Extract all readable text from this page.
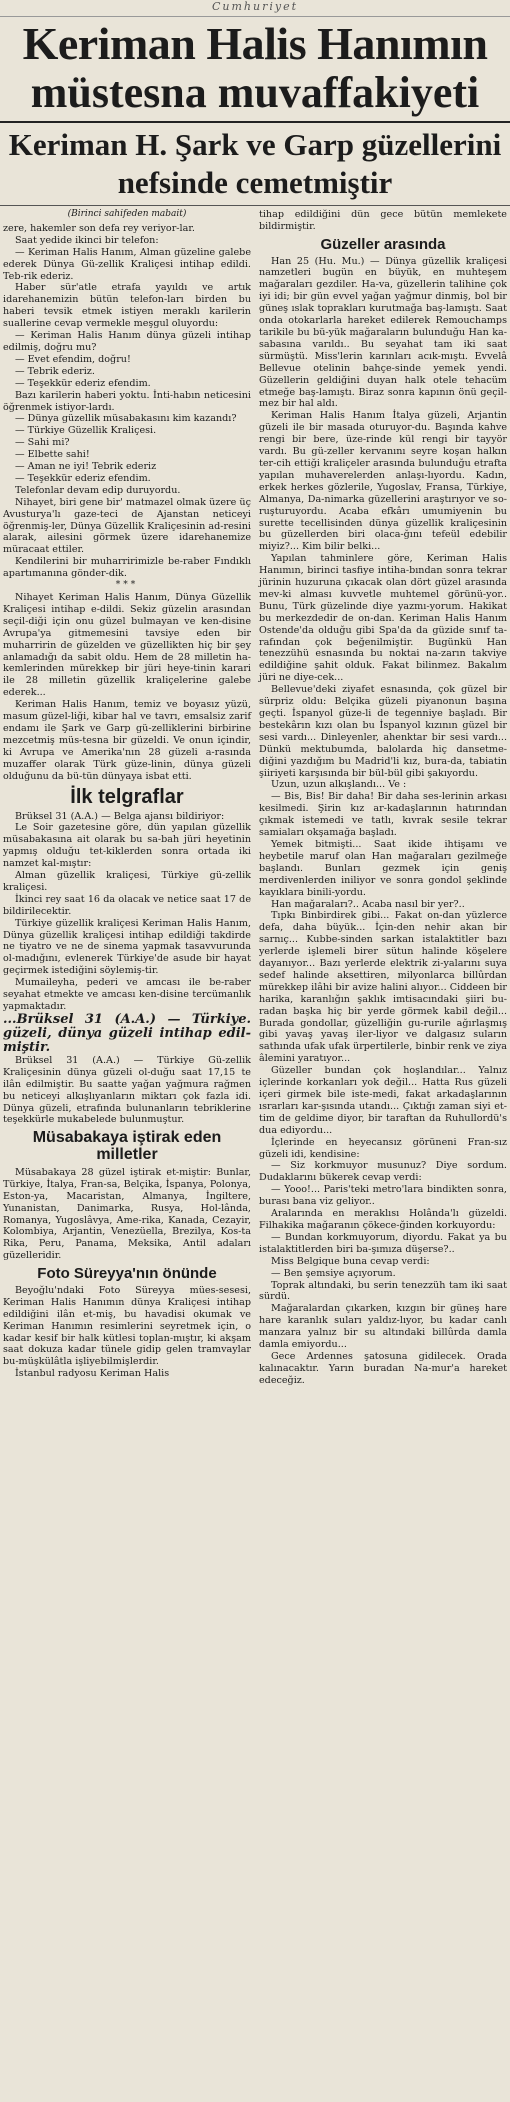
Cumhuriyet
Keriman Halis Hanımın
müstesna muvaffakiyeti
Keriman H. Şark ve Garp güzellerini
nefsinde cemetmiştir
(Birinci sahifeden mabait)

zere, hakemler son defa rey veriyor-lar.

Saat yedide ikinci bir telefon:

— Keriman Halis Hanım, Alman güzeline galebe ederek Dünya Gü-zellik Kraliçesi intihap edildi. Teb-rik ederiz.

Haber sür'atle etrafa yayıldı ve artık idarehanemizin bütün telefon-ları birden bu haberi tevsik etmek istiyen meraklı karilerin suallerine cevap vermekle meşgul oluyordu:

— Keriman Halis Hanım dünya güzeli intihap edilmiş, doğru mu?

— Evet efendim, doğru!

— Tebrik ederiz.

— Teşekkür ederiz efendim.

Bazı karilerin haberi yoktu. İnti-habın neticesini öğrenmek istiyor-lardı.

— Dünya güzellik müsabakasını kim kazandı?

— Türkiye Güzellik Kraliçesi.

— Sahi mi?

— Elbette sahi!

— Aman ne iyi! Tebrik ederiz

— Teşekkür ederiz efendim.

Telefonlar devam edip duruyordu.

Nihayet, biri gene bir' matmazel olmak üzere üç Avusturya'lı gaze-teci de Ajanstan neticeyi öğrenmiş-ler, Dünya Güzellik Kraliçesinin ad-resini alarak, ailesini görmek üzere idarehanemize müracaat ettiler.

Kendilerini bir muharririmizle be-raber Fındıklı apartımanına gönder-dik.

***

Nihayet Keriman Halis Hanım, Dünya Güzellik Kraliçesi intihap e-dildi. Sekiz güzelin arasından seçil-diği için onu güzel bulmayan ve ken-disine Avrupa'ya gitmemesini tavsiye eden bir muharririn de güzelden ve güzellikten hiç bir şey anlamadığı da sabit oldu. Hem de 28 milletin ha-kemlerinden mürekkep bir jüri heye-tinin karari ile 28 milletin güzellik kraliçelerine galebe ederek...

Keriman Halis Hanım, temiz ve boyasız yüzü, masum güzel-liği, kibar hal ve tavrı, emsalsiz zarif endamı ile Şark ve Garp gü-zelliklerini birbirine mezcetmiş müs-tesna bir güzeldi. Ve onun içindir, ki Avrupa ve Amerika'nın 28 güzeli a-rasında muzaffer olarak Türk güze-linin, dünya güzeli olduğunu da bü-tün dünyaya isbat etti.

İlk telgraflar

Brüksel 31 (A.A.) — Belga ajansı bildiriyor:

Le Soir gazetesine göre, dün yapılan güzellik müsabakasına ait olarak bu sa-bah jüri heyetinin yapmış olduğu tet-kiklerden sonra ortada iki namzet kal-mıştır:

Alman güzellik kraliçesi, Türkiye gü-zellik kraliçesi.

İkinci rey saat 16 da olacak ve netice saat 17 de bildirilecektir.

Türkiye güzellik kraliçesi Keriman Halis Hanım, Dünya güzellik kraliçesi intihap edildiği takdirde ne tiyatro ve ne de sinema yapmak tasavvurunda ol-madığını, evlenerek Türkiye'de asude bir hayat geçirmek istediğini söylemiş-tir.

Mumaileyha, pederi ve amcası ile be-raber seyahat etmekte ve amcası ken-disine tercümanlık yapmaktadır.

...Brüksel 31 (A.A.) — Türkiye. güzeli, dünya güzeli intihap edil-miştir.

Brüksel 31 (A.A.) — Türkiye Gü-zellik Kraliçesinin dünya güzeli ol-duğu saat 17,15 te ilân edilmiştir. Bu saatte yağan yağmura rağmen bu neticeyi alkışlıyanların miktarı çok fazla idi. Dünya güzeli, etrafında bulunanların tebriklerine teşekkürle mukabelede bulunmuştur.

Müsabakaya iştirak eden milletler

Müsabakaya 28 güzel iştirak et-miştir: Bunlar, Türkiye, İtalya, Fran-sa, Belçika, İspanya, Polonya, Eston-ya, Macaristan, Almanya, İngiltere, Yunanistan, Danimarka, Rusya, Hol-lânda, Romanya, Yugoslâvya, Ame-rika, Kanada, Cezayir, Kolombiya, Arjantin, Venezüella, Brezilya, Kos-ta Rika, Peru, Panama, Meksika, Antil adaları güzelleridir.

Foto Süreyya'nın önünde

Beyoğlu'ndaki Foto Süreyya mües-sesesi, Keriman Halis Hanımın dünya Kraliçesi intihap edildiğini ilân et-miş, bu havadisi okumak ve Keriman Hanımın resimlerini seyretmek için, o kadar kesif bir halk kütlesi toplan-mıştır, ki akşam saat dokuza kadar tünele gidip gelen tramvaylar bu-müşkülâtla işliyebilmişlerdir.

İstanbul radyosu Keriman Halis

tihap edildiğini dün gece bütün memlekete bildirmiştir.

Güzeller arasında

Han 25 (Hu. Mu.) — Dünya güzellik kraliçesi namzetleri bugün en büyük, en muhteşem mağaraları gezdiler. Ha-va, güzellerin talihine çok iyi idi; bir gün evvel yağan yağmur dinmiş, bol bir güneş ıslak toprakları kurutmağa baş-lamıştı. Saat onda otokarlarla hareket edilerek Remouchamps tarikile bu bü-yük mağaraların bulunduğu Han ka-sabasına varıldı.. Bu seyahat tam iki saat sürmüştü. Miss'lerin karınları acık-mıştı. Evvelâ Bellevue otelinin bahçe-sinde yemek yendi. Güzellerin geldiğini duyan halk otele tehacüm etmeğe baş-lamıştı. Biraz sonra kapının önü geçil-mez bir hal aldı.

Keriman Halis Hanım İtalya güzeli, Arjantin güzeli ile bir masada oturuyor-du. Başında kahve rengi bir bere, üze-rinde kül rengi bir tayyör vardı. Bu gü-zeller kervanını seyre koşan halkın ter-cih ettiği kraliçeler arasında bulunduğu etrafta yapılan muhaverelerden anlaşı-lıyordu. Kadın, erkek herkes gözlerile, Yugoslav, Fransa, Türkiye, Almanya, Da-nimarka güzellerini araştırıyor ve so-ruşturuyordu. Acaba efkârı umumiyenin bu surette tecellisinden dünya güzellik kraliçesinin bu güzellerden biri olaca-ğını tefeül edebilir miyiz?... Kim bilir belki...

Yapılan tahminlere göre, Keriman Halis Hanımın, birinci tasfiye intiha-bından sonra tekrar jürinin huzuruna çıkacak olan dört güzel arasında mev-ki alması kuvvetle muhtemel görünü-yor.. Bunu, Türk güzelinde diye yazmı-yorum. Hakikat bu merkezdedir de on-dan. Keriman Halis Hanım Ostende'da olduğu gibi Spa'da da güzide sınıf ta-rafından çok beğenilmiştir. Bugünkü Han tenezzühü esnasında bu noktai na-zarın takviye edildiğine şahit olduk. Fakat bilinmez. Bakalım jüri ne diye-cek...

Bellevue'deki ziyafet esnasında, çok güzel bir sürpriz oldu: Belçika güzeli piyanonun başına geçti. İspanyol güze-li de tegenniye başladı. Bir bestekârın kızı olan bu İspanyol kızının güzel bir sesi vardı... Dinleyenler, ahenktar bir sesi vardı... Dünkü mektubumda, balolarda hiç dansetme-diğini yazdığım bu Madrid'li kız, bura-da, tabiatin şiiriyeti karşısında bir bül-bül gibi şakıyordu.

Uzun, uzun alkışlandı... Ve :

— Bis, Bis! Bir daha! Bir daha ses-lerinin arkası kesilmedi. Şirin kız ar-kadaşlarının hatırından çıkmak istemedi ve tatlı, kıvrak sesile tekrar samiaları okşamağa başladı.

Yemek bitmişti... Saat ikide ihtişamı ve heybetile maruf olan Han mağaraları gezilmeğe başlandı. Bunları gezmek için geniş merdivenlerden iniliyor ve sonra gondol şeklinde kayıklara binili-yordu.

Han mağaraları?.. Acaba nasıl bir yer?..

Tıpkı Binbirdirek gibi... Fakat on-dan yüzlerce defa, daha büyük... İçin-den nehir akan bir sarnıç... Kubbe-sinden sarkan istalaktitler bazı yerlerde işlemeli birer sütun halinde köşelere dayanıyor... Bazı yerlerde elektrik zi-yalarını suya sedef halinde aksettiren, milyonlarca billûrdan mürekkep ilâhi bir avize halini alıyor... Ciddeen bir harika, karanlığın şaklık imtisacındaki şiiri bu-radan başka hiç bir yerde görmek kabil değil... Burada gondollar, güzelliğin gu-rurile ağırlaşmış gibi yavaş yavaş iler-liyor ve dalgasız suların sathında ufak ufak ürpertilerle, binbir renk ve ziya âlemini yaratıyor...

Güzeller bundan çok hoşlandılar... Yalnız içlerinde korkanları yok değil... Hatta Rus güzeli içeri girmek bile iste-medi, fakat arkadaşlarının ısrarları kar-şısında utandı... Çıktığı zaman siyi et-tim de geldime diyor, bir taraftan da Ruhullordü's dua ediyordu...

İçlerinde en heyecansız görüneni Fran-sız güzeli idi, kendisine:

— Siz korkmuyor musunuz? Diye sordum. Dudaklarını bükerek cevap verdi:

— Yooo!... Paris'teki metro'lara bindikten sonra, burası bana viz geliyor..

Aralarında en meraklısı Holânda'lı güzeldi. Filhakika mağaranın çökece-ğinden korkuyordu:

— Bundan korkmuyorum, diyordu. Fakat ya bu istalaktitlerden biri ba-şımıza düşerse?..

Miss Belgique buna cevap verdi:

— Ben şemsiye açıyorum.

Toprak altındaki, bu serin tenezzüh tam iki saat sürdü.

Mağaralardan çıkarken, kızgın bir güneş hare hare karanlık suları yaldız-lıyor, bu kadar canlı manzara yalnız bir su altındaki billûrda damla damla emiyordu...

Gece Ardennes şatosuna gidilecek. Orada kalınacaktır. Yarın buradan Na-mur'a hareket edeceğiz.
